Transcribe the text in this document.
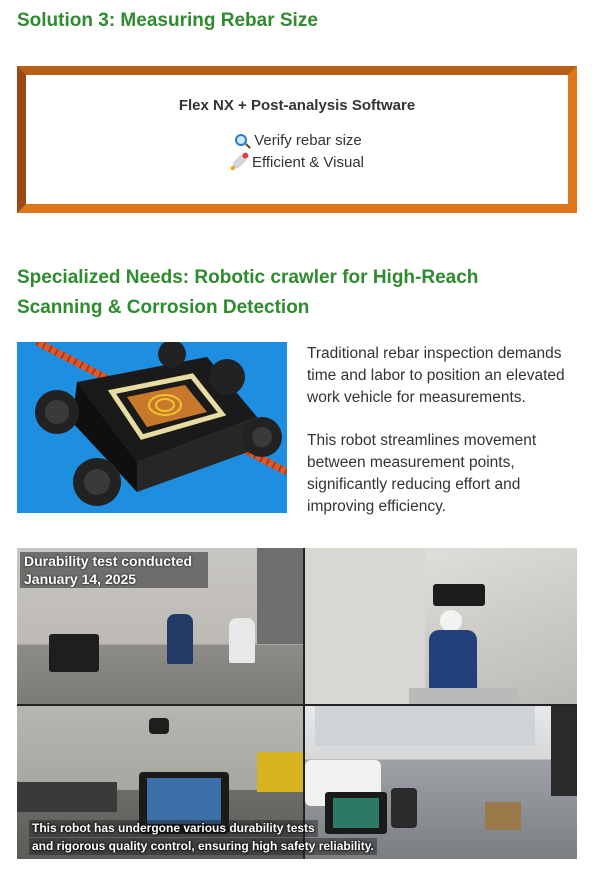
Solution 3: Measuring Rebar Size
Flex NX + Post-analysis Software
Verify rebar size
Efficient & Visual
Specialized Needs: Robotic crawler for High-Reach Scanning & Corrosion Detection

Traditional rebar inspection demands time and labor to position an elevated work vehicle for measurements.

This robot streamlines movement between measurement points, significantly reducing effort and improving efficiency.

Durability test conducted January 14, 2025
This robot has undergone various durability tests
and rigorous quality control, ensuring high safety reliability.
